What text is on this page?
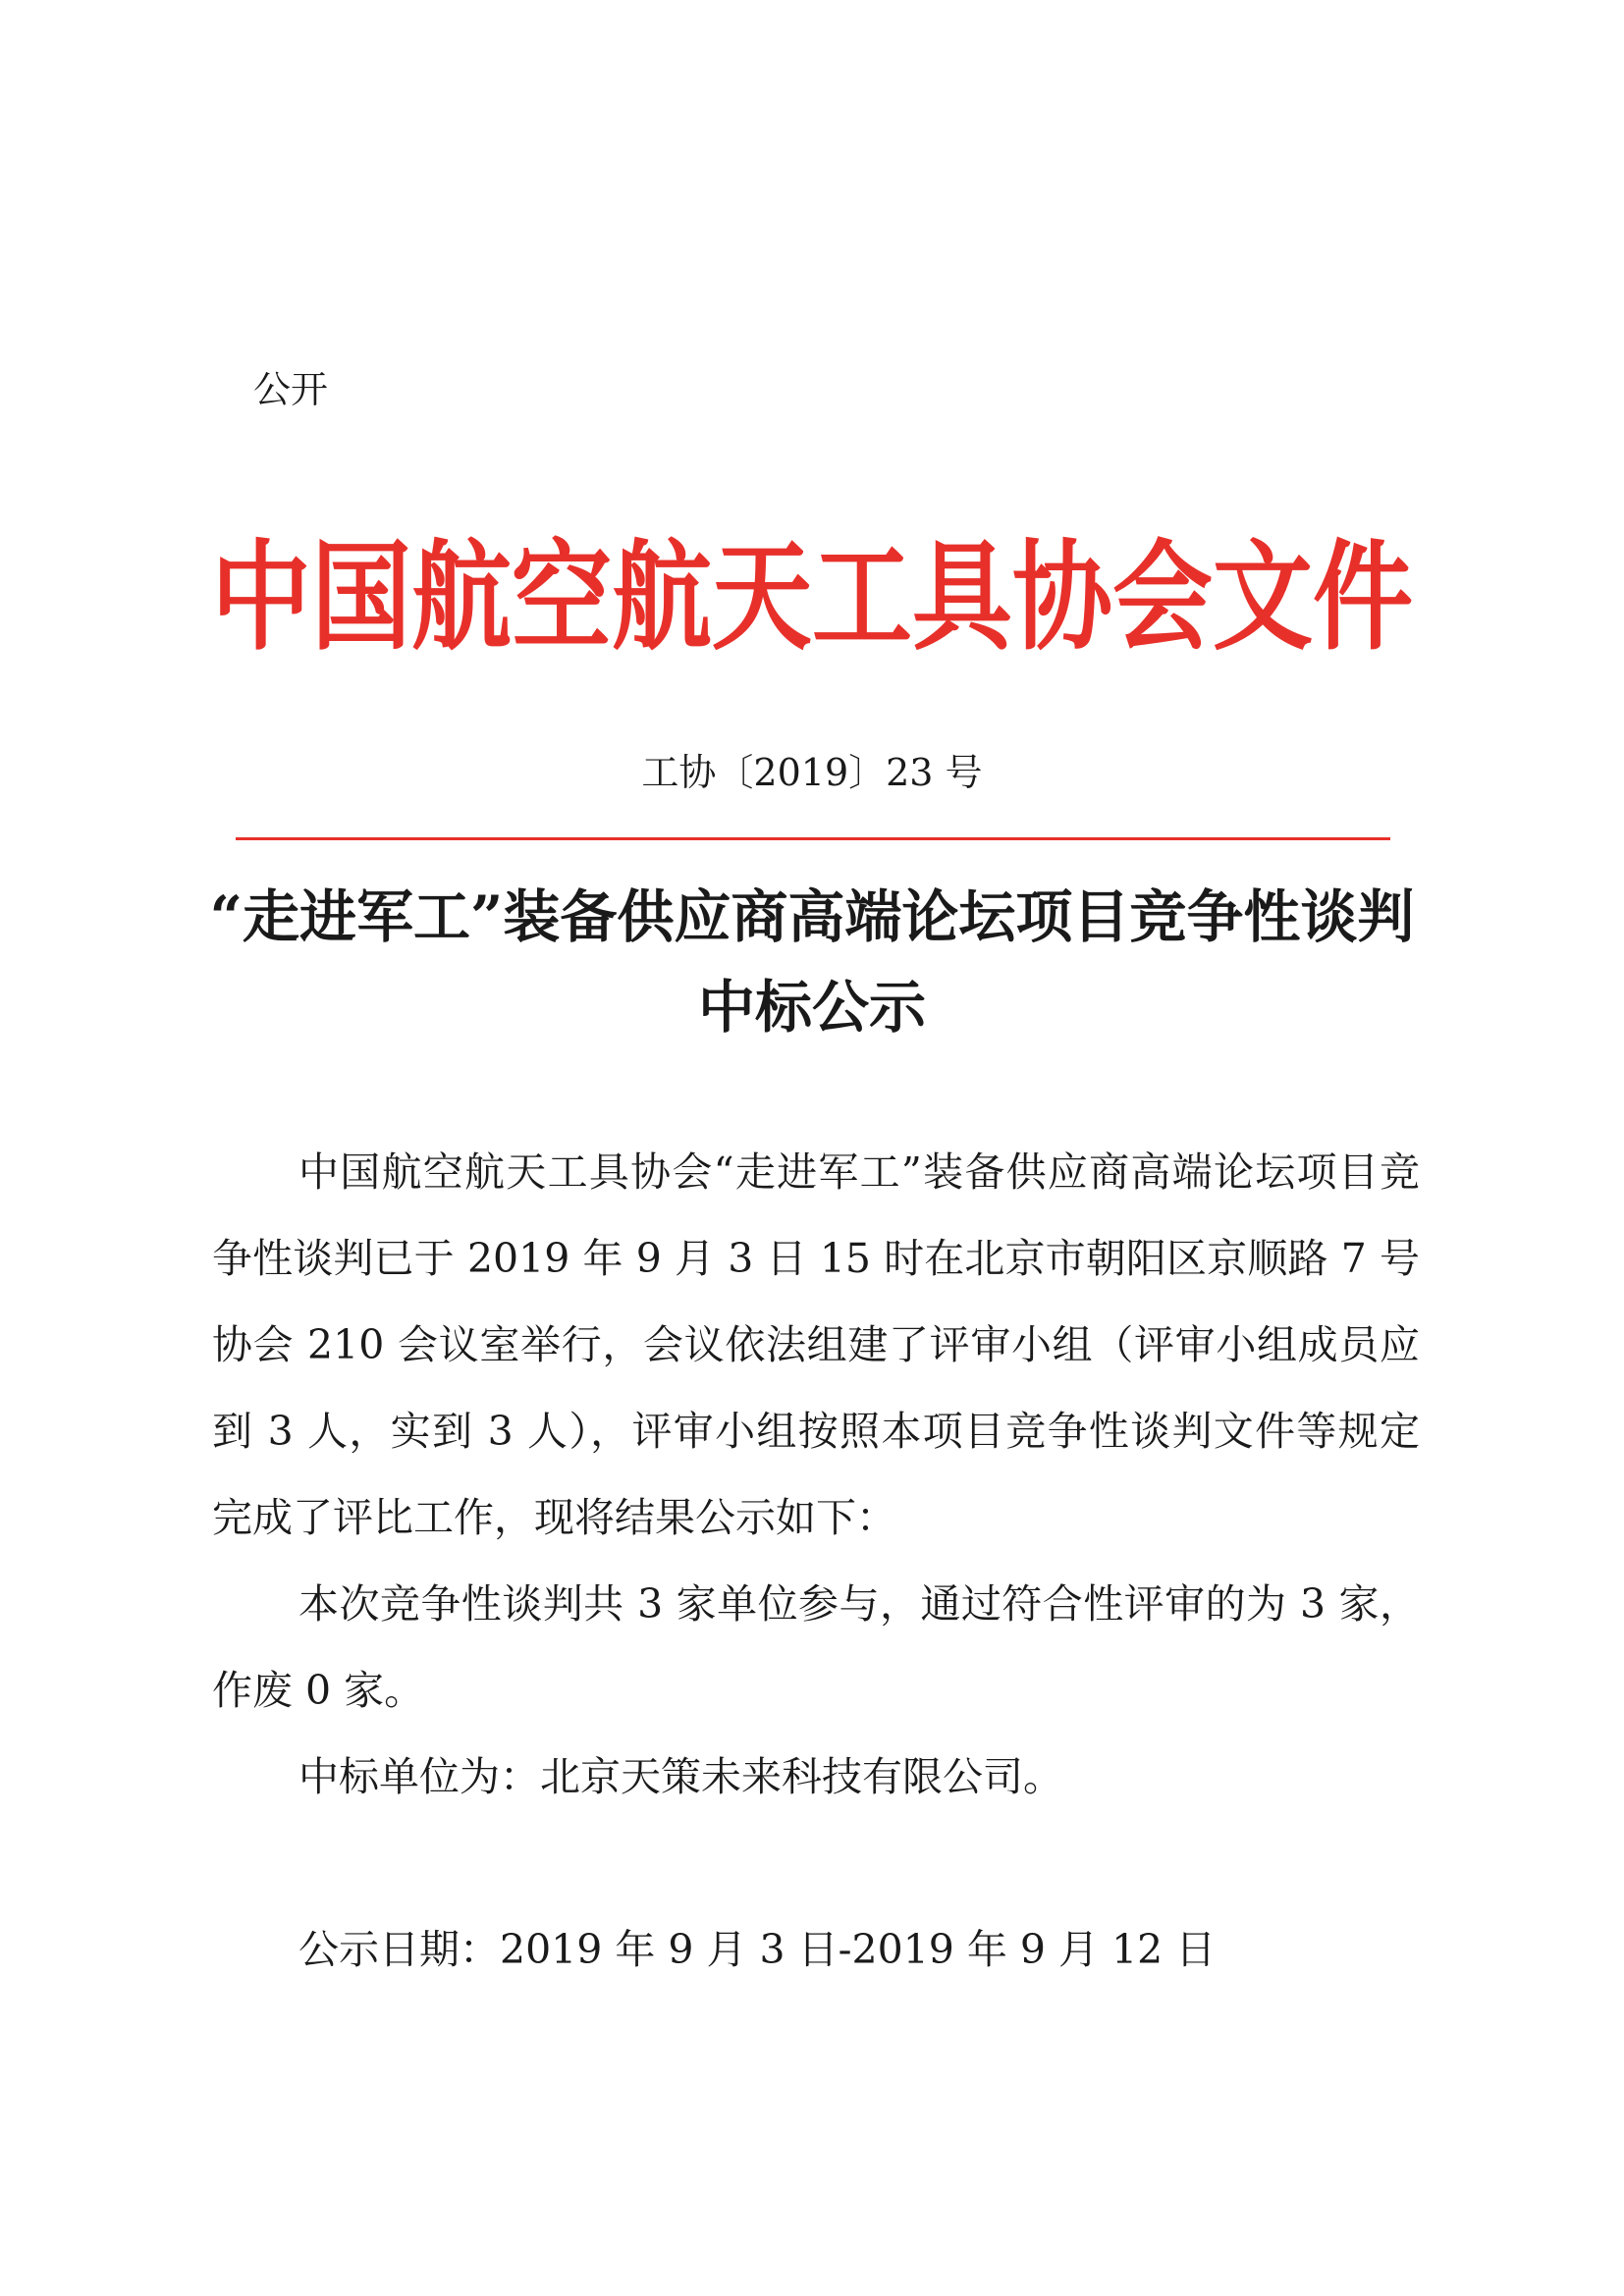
公开
中国航空航天工具协会文件
工协〔2019〕23 号
“走进军工”装备供应商高端论坛项目竞争性谈判中标公示

中国航空航天工具协会“走进军工”装备供应商高端论坛项目竞争性谈判已于 2019 年 9 月 3 日 15 时在北京市朝阳区京顺路 7 号协会 210 会议室举行，会议依法组建了评审小组（评审小组成员应到 3 人，实到 3 人），评审小组按照本项目竞争性谈判文件等规定完成了评比工作，现将结果公示如下：

本次竞争性谈判共 3 家单位参与，通过符合性评审的为 3 家，作废 0 家。

中标单位为：北京天策未来科技有限公司。

公示日期：2019 年 9 月 3 日-2019 年 9 月 12 日
